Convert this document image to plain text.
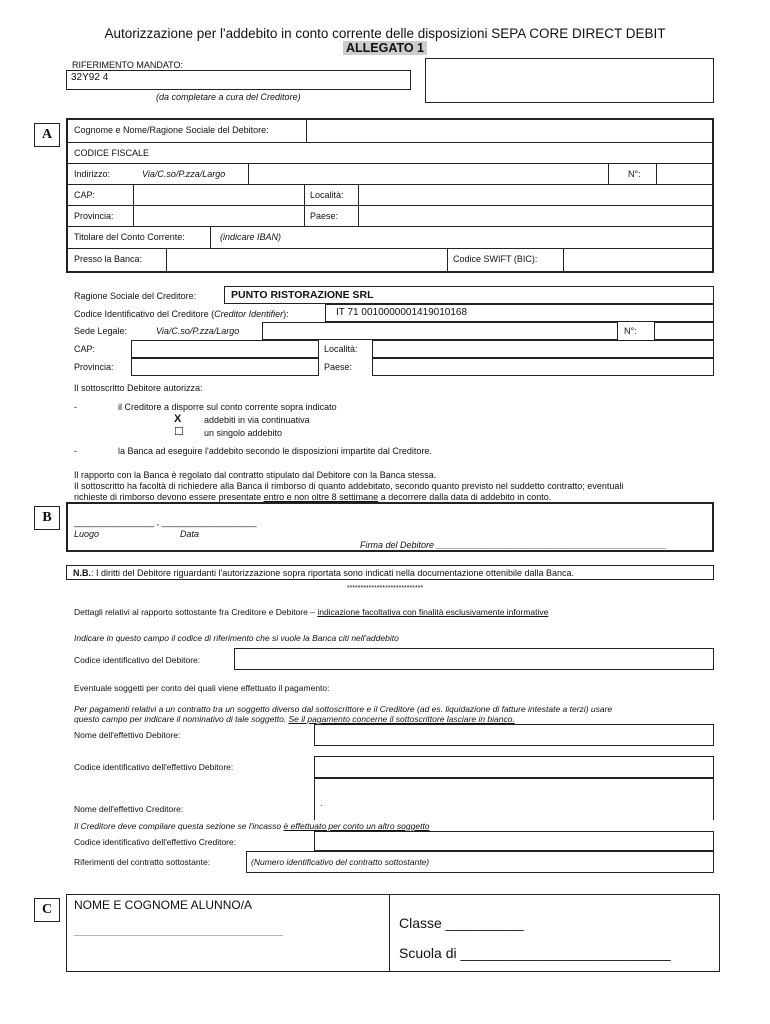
Autorizzazione per l'addebito in conto corrente delle disposizioni SEPA CORE DIRECT DEBIT
ALLEGATO 1
RIFERIMENTO MANDATO:
32Y92 4
(da completare a cura del Creditore)
A	Cognome e Nome/Ragione Sociale del Debitore:
CODICE FISCALE
Indirizzo:	Via/C.so/P.zza/Largo	N°:
CAP:	Località:
Provincia:	Paese:
Titolare del Conto Corrente:	(indicare IBAN)
Presso la Banca:	Codice SWIFT (BIC):
Ragione Sociale del Creditore:	PUNTO RISTORAZIONE SRL
Codice Identificativo del Creditore (Creditor Identifier):	IT 71 0010000001419010168
Sede Legale:	Via/C.so/P.zza/Largo	N°:
CAP:	Località:
Provincia:	Paese:
Il sottoscritto Debitore autorizza:
-	il Creditore a disporre sul conto corrente sopra indicato
X	addebiti in via continuativa
☐ un singolo addebito
-	la Banca ad eseguire l'addebito secondo le disposizioni impartite dal Creditore.
Il rapporto con la Banca è regolato dal contratto stipulato dal Debitore con la Banca stessa.
Il sottoscritto ha facoltà di richiedere alla Banca il rimborso di quanto addebitato, secondo quanto previsto nel suddetto contratto; eventuali
richieste di rimborso devono essere presentate entro e non oltre 8 settimane a decorrere dalla data di addebito in conto.
B	________________ , ___________________
Luogo	Data
Firma del Debitore ______________________________________________
N.B.: I diritti del Debitore riguardanti l'autorizzazione sopra riportata sono indicati nella documentazione ottenibile dalla Banca.
****************************
Dettagli relativi al rapporto sottostante fra Creditore e Debitore – indicazione facoltativa con finalità esclusivamente informative
Indicare in questo campo il codice di riferimento che si vuole la Banca citi nell'addebito
Codice identificativo del Debitore:
Eventuale soggetti per conto dei quali viene effettuato il pagamento:
Per pagamenti relativi a un contratto tra un soggetto diverso dal sottoscrittore e il Creditore (ad es. liquidazione di fatture intestate a terzi) usare
questo campo per indicare il nominativo di tale soggetto. Se il pagamento concerne il sottoscrittore lasciare in bianco.
Nome dell'effettivo Debitore:
Codice identificativo dell'effettivo Debitore:
.
Nome dell'effettivo Creditore:
Il Creditore deve compilare questa sezione se l'incasso è effettuato per conto un altro soggetto
Codice identificativo dell'effettivo Creditore:
Riferimenti del contratto sottostante:	(Numero identificativo del contratto sottostante)
C	NOME E COGNOME ALUNNO/A
_______________________________________________
Classe __________
Scuola di ___________________________
